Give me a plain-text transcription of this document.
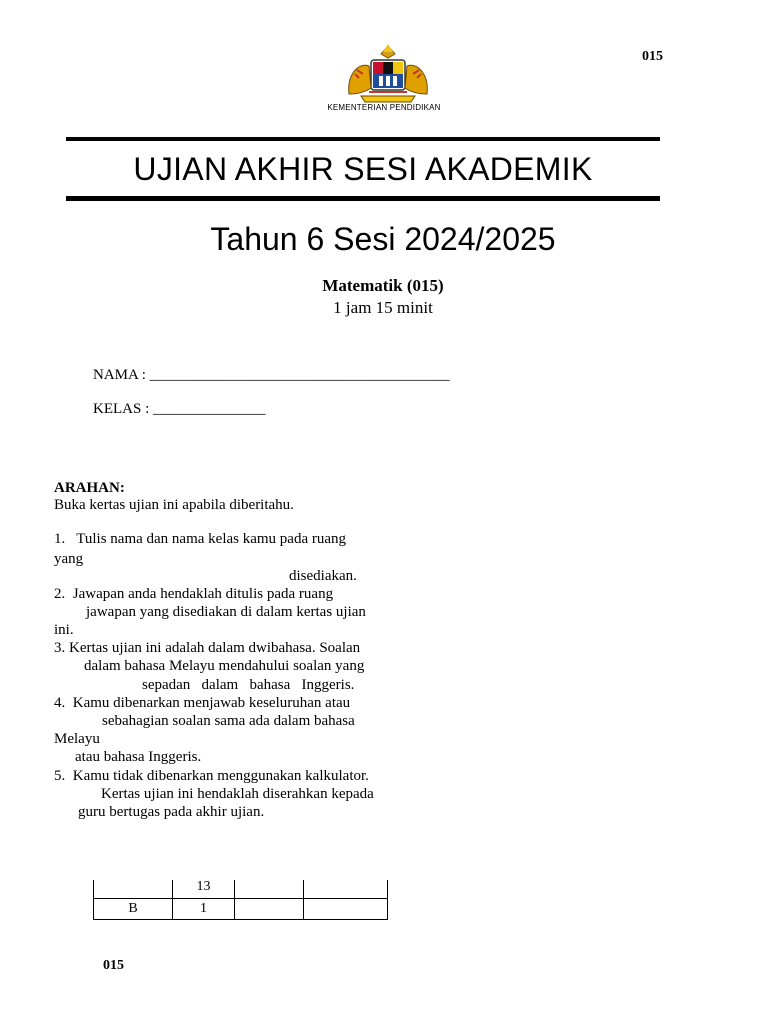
015
KEMENTERIAN PENDIDIKAN
UJIAN AKHIR SESI AKADEMIK
Tahun 6 Sesi 2024/2025
Matematik (015)
1 jam 15 minit
NAMA : ________________________________________
KELAS : _______________
ARAHAN:
Buka kertas ujian ini apabila diberitahu.
1.   Tulis nama dan nama kelas kamu pada ruang
yang
disediakan.
2.  Jawapan anda hendaklah ditulis pada ruang
jawapan yang disediakan di dalam kertas ujian
ini.
3. Kertas ujian ini adalah dalam dwibahasa. Soalan
dalam bahasa Melayu mendahului soalan yang
sepadan   dalam   bahasa   Inggeris.
4.  Kamu dibenarkan menjawab keseluruhan atau
sebahagian soalan sama ada dalam bahasa
Melayu
atau bahasa Inggeris.
5.  Kamu tidak dibenarkan menggunakan kalkulator.
Kertas ujian ini hendaklah diserahkan kepada
guru bertugas pada akhir ujian.
	13		
B	1		
015
